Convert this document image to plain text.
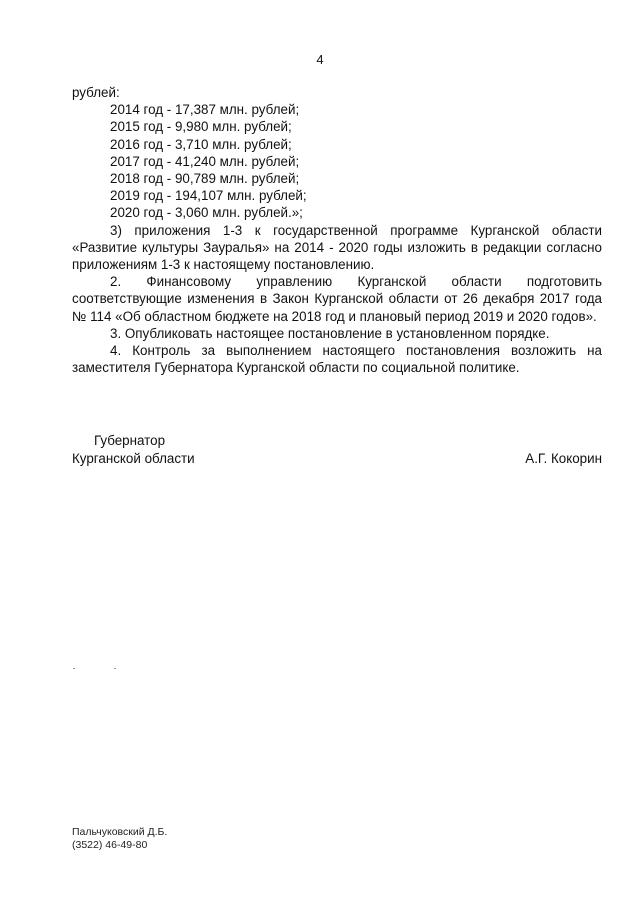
4
рублей:
2014 год - 17,387 млн. рублей;
2015 год - 9,980 млн. рублей;
2016 год - 3,710 млн. рублей;
2017 год - 41,240 млн. рублей;
2018 год - 90,789 млн. рублей;
2019 год - 194,107 млн. рублей;
2020 год - 3,060 млн. рублей.»;

3) приложения 1-3 к государственной программе Курганской области «Развитие культуры Зауралья» на 2014 - 2020 годы изложить в редакции согласно приложениям 1-3 к настоящему постановлению.

2. Финансовому управлению Курганской области подготовить соответствующие изменения в Закон Курганской области от 26 декабря 2017 года № 114 «Об областном бюджете на 2018 год и плановый период 2019 и 2020 годов».

3. Опубликовать настоящее постановление в установленном порядке.

4. Контроль за выполнением настоящего постановления возложить на заместителя Губернатора Курганской области по социальной политике.

Губернатор
Курганской области	А.Г. Кокорин
Пальчуковский Д.Б.
(3522) 46-49-80
